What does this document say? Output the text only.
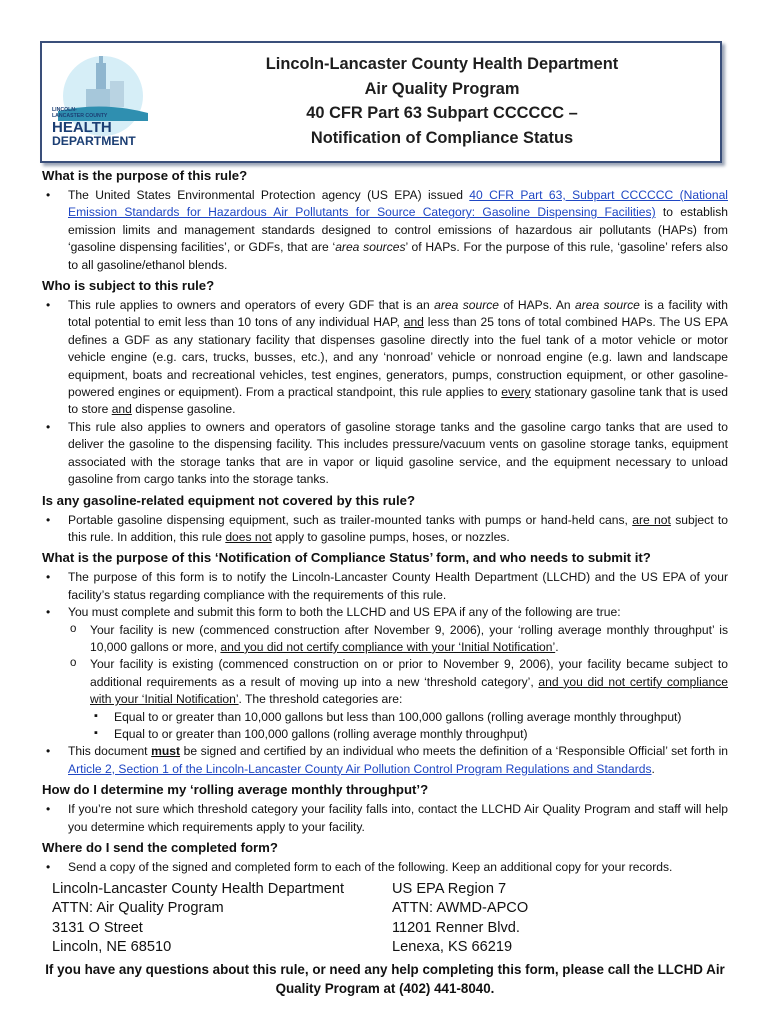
LINCOLN-
LANCASTER COUNTY
HEALTH
DEPARTMENT
Lincoln-Lancaster County Health Department
Air Quality Program
40 CFR Part 63 Subpart CCCCCC –
Notification of Compliance Status
What is the purpose of this rule?
• The United States Environmental Protection agency (US EPA) issued 40 CFR Part 63, Subpart CCCCCC (National Emission Standards for Hazardous Air Pollutants for Source Category: Gasoline Dispensing Facilities) to establish emission limits and management standards designed to control emissions of hazardous air pollutants (HAPs) from ‘gasoline dispensing facilities’, or GDFs, that are ‘area sources’ of HAPs. For the purpose of this rule, ‘gasoline’ refers also to all gasoline/ethanol blends.
Who is subject to this rule?
• This rule applies to owners and operators of every GDF that is an area source of HAPs. An area source is a facility with total potential to emit less than 10 tons of any individual HAP, and less than 25 tons of total combined HAPs. The US EPA defines a GDF as any stationary facility that dispenses gasoline directly into the fuel tank of a motor vehicle or motor vehicle engine (e.g. cars, trucks, busses, etc.), and any ‘nonroad’ vehicle or nonroad engine (e.g. lawn and landscape equipment, boats and recreational vehicles, test engines, generators, pumps, construction equipment, or other gasoline-powered engines or equipment). From a practical standpoint, this rule applies to every stationary gasoline tank that is used to store and dispense gasoline.
• This rule also applies to owners and operators of gasoline storage tanks and the gasoline cargo tanks that are used to deliver the gasoline to the dispensing facility. This includes pressure/vacuum vents on gasoline storage tanks, equipment associated with the storage tanks that are in vapor or liquid gasoline service, and the equipment necessary to unload gasoline from cargo tanks into the storage tanks.
Is any gasoline-related equipment not covered by this rule?
• Portable gasoline dispensing equipment, such as trailer-mounted tanks with pumps or hand-held cans, are not subject to this rule. In addition, this rule does not apply to gasoline pumps, hoses, or nozzles.
What is the purpose of this ‘Notification of Compliance Status’ form, and who needs to submit it?
• The purpose of this form is to notify the Lincoln-Lancaster County Health Department (LLCHD) and the US EPA of your facility’s status regarding compliance with the requirements of this rule.
• You must complete and submit this form to both the LLCHD and US EPA if any of the following are true:
o Your facility is new (commenced construction after November 9, 2006), your ‘rolling average monthly throughput’ is 10,000 gallons or more, and you did not certify compliance with your ‘Initial Notification’.
o Your facility is existing (commenced construction on or prior to November 9, 2006), your facility became subject to additional requirements as a result of moving up into a new ‘threshold category’, and you did not certify compliance with your ‘Initial Notification’. The threshold categories are:
▪ Equal to or greater than 10,000 gallons but less than 100,000 gallons (rolling average monthly throughput)
▪ Equal to or greater than 100,000 gallons (rolling average monthly throughput)
• This document must be signed and certified by an individual who meets the definition of a ‘Responsible Official’ set forth in Article 2, Section 1 of the Lincoln-Lancaster County Air Pollution Control Program Regulations and Standards.
How do I determine my ‘rolling average monthly throughput’?
• If you’re not sure which threshold category your facility falls into, contact the LLCHD Air Quality Program and staff will help you determine which requirements apply to your facility.
Where do I send the completed form?
• Send a copy of the signed and completed form to each of the following. Keep an additional copy for your records.
Lincoln-Lancaster County Health Department
ATTN: Air Quality Program
3131 O Street
Lincoln, NE 68510
US EPA Region 7
ATTN: AWMD-APCO
11201 Renner Blvd.
Lenexa, KS 66219
If you have any questions about this rule, or need any help completing this form, please call the LLCHD Air
Quality Program at (402) 441-8040.
